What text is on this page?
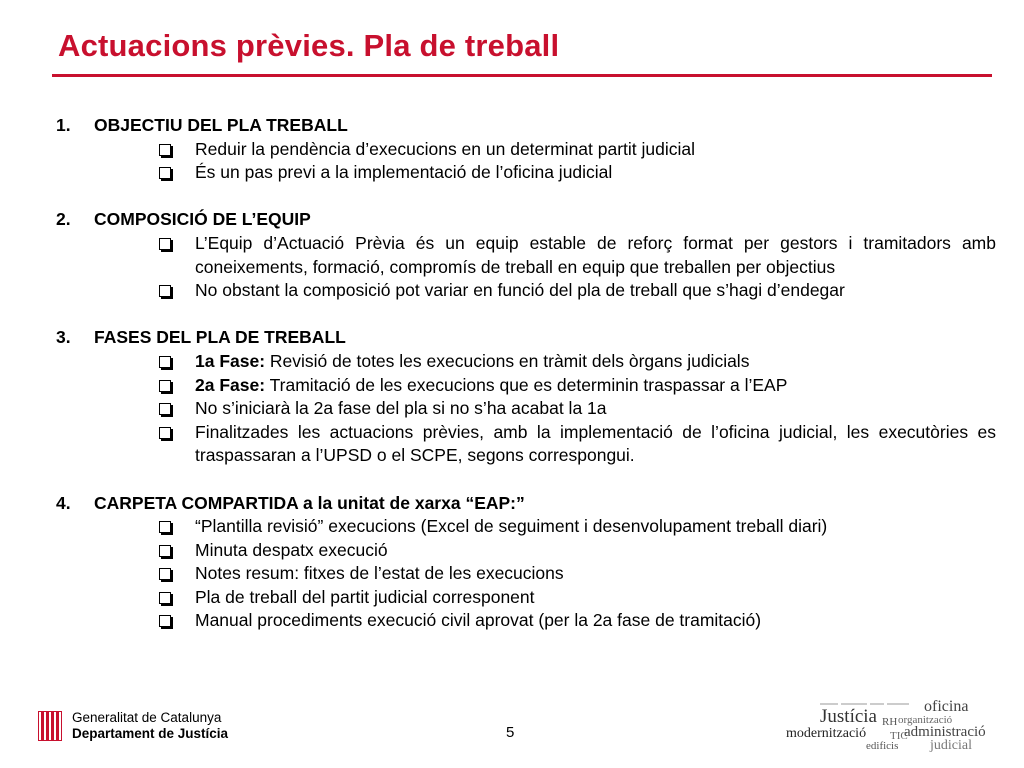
Actuacions prèvies. Pla de treball
1.	OBJECTIU DEL PLA TREBALL
Reduir la pendència d’execucions en un determinat partit judicial
És un pas previ a la implementació de l’oficina judicial
2.	COMPOSICIÓ DE L’EQUIP
L’Equip d’Actuació Prèvia és un equip estable de reforç format per gestors i tramitadors amb coneixements, formació, compromís de treball en equip que treballen per objectius
No obstant la composició pot variar en funció del pla de treball que s’hagi d’endegar
3.	FASES DEL PLA DE TREBALL
1a Fase: Revisió de totes les execucions en tràmit dels òrgans judicials
2a Fase: Tramitació de les execucions que es determinin traspassar a l’EAP
No s’iniciarà la 2a fase del pla si no s’ha acabat la 1a
Finalitzades les actuacions prèvies, amb la implementació de l’oficina judicial, les executòries es traspassaran a l’UPSD o el SCPE, segons correspongui.
4.	CARPETA COMPARTIDA a la unitat de xarxa “EAP:”
“Plantilla revisió” execucions (Excel de seguiment i desenvolupament treball diari)
Minuta despatx execució
Notes resum: fitxes de l’estat de les execucions
Pla de treball del partit judicial corresponent
Manual procediments execució civil aprovat (per la 2a fase de tramitació)
Generalitat de Catalunya
Departament de Justícia	5
Justícia	oficina
RH organització
modernització TIC
administració
edificis judicial
